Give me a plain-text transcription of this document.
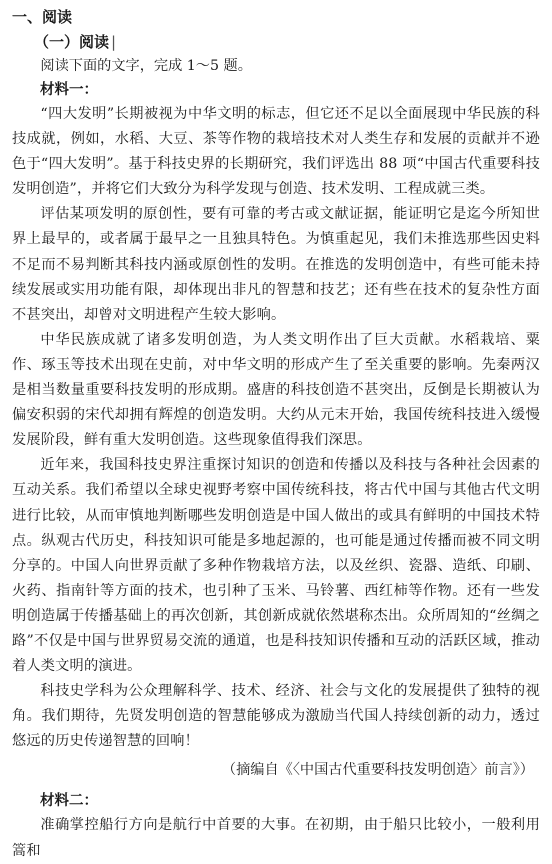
一、阅读
（一）阅读 |

阅读下面的文字，完成 1～5 题。

材料一：

“四大发明”长期被视为中华文明的标志，但它还不足以全面展现中华民族的科技成就，例如，水稻、大豆、茶等作物的栽培技术对人类生存和发展的贡献并不逊色于“四大发明”。基于科技史界的长期研究，我们评选出 88 项“中国古代重要科技发明创造”，并将它们大致分为科学发现与创造、技术发明、工程成就三类。

评估某项发明的原创性，要有可靠的考古或文献证据，能证明它是迄今所知世界上最早的，或者属于最早之一且独具特色。为慎重起见，我们未推选那些因史料不足而不易判断其科技内涵或原创性的发明。在推选的发明创造中，有些可能未持续发展或实用功能有限，却体现出非凡的智慧和技艺；还有些在技术的复杂性方面不甚突出，却曾对文明进程产生较大影响。

中华民族成就了诸多发明创造，为人类文明作出了巨大贡献。水稻栽培、粟作、琢玉等技术出现在史前，对中华文明的形成产生了至关重要的影响。先秦两汉是相当数量重要科技发明的形成期。盛唐的科技创造不甚突出，反倒是长期被认为偏安积弱的宋代却拥有辉煌的创造发明。大约从元末开始，我国传统科技进入缓慢发展阶段，鲜有重大发明创造。这些现象值得我们深思。

近年来，我国科技史界注重探讨知识的创造和传播以及科技与各种社会因素的互动关系。我们希望以全球史视野考察中国传统科技，将古代中国与其他古代文明进行比较，从而审慎地判断哪些发明创造是中国人做出的或具有鲜明的中国技术特点。纵观古代历史，科技知识可能是多地起源的，也可能是通过传播而被不同文明分享的。中国人向世界贡献了多种作物栽培方法，以及丝织、瓷器、造纸、印刷、火药、指南针等方面的技术，也引种了玉米、马铃薯、西红柿等作物。还有一些发明创造属于传播基础上的再次创新，其创新成就依然堪称杰出。众所周知的“丝绸之路”不仅是中国与世界贸易交流的通道，也是科技知识传播和互动的活跃区域，推动着人类文明的演进。

科技史学科为公众理解科学、技术、经济、社会与文化的发展提供了独特的视角。我们期待，先贤发明创造的智慧能够成为激励当代国人持续创新的动力，透过悠远的历史传递智慧的回响！

（摘编自《〈中国古代重要科技发明创造〉前言》）
材料二：

准确掌控船行方向是航行中首要的大事。在初期，由于船只比较小，一般利用篙和
